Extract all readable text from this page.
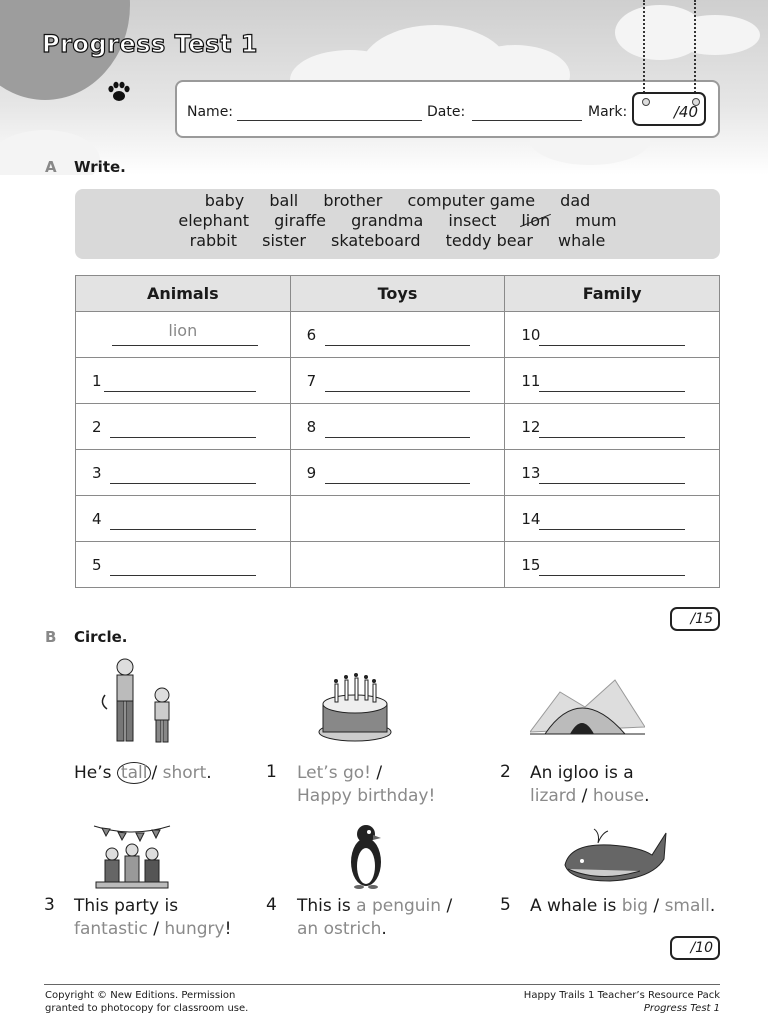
Progress Test 1
Name:	Date:	Mark:	/40
A Write.
baby ball brother computer game dad
elephant giraffe grandma insect lion mum
rabbit sister skateboard teddy bear whale
Animals	Toys	Family

lion	6	10

1	7	11

2	8	12

3	9	13

4		14

5		15
/15
B Circle.
He’s tall / short.	1 Let’s go! /
Happy birthday!
2 An igloo is a
lizard / house.
3 This party is
fantastic / hungry!
4 This is a penguin /
an ostrich.
5 A whale is big / small.
/10
Copyright © New Editions. Permission
granted to photocopy for classroom use.
Happy Trails 1 Teacher’s Resource Pack
Progress Test 1
